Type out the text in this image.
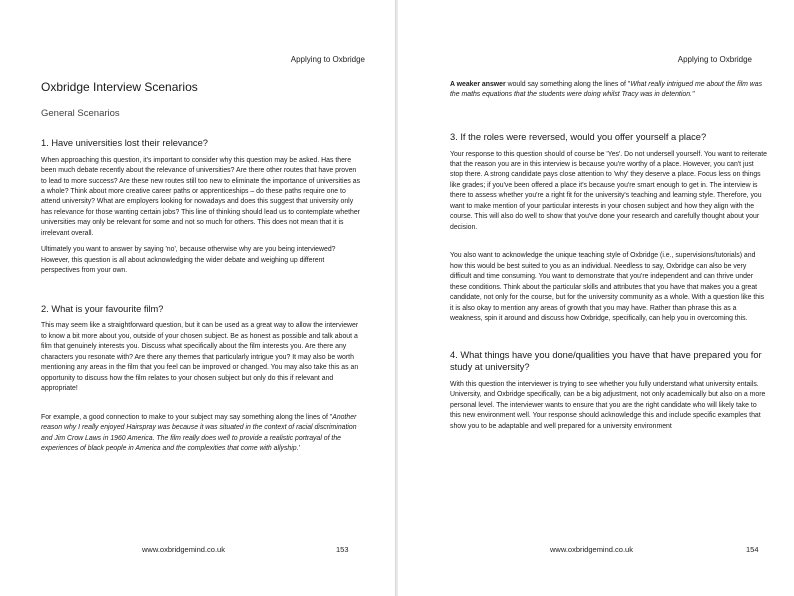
Applying to Oxbridge
Oxbridge Interview Scenarios
General Scenarios
1. Have universities lost their relevance?

When approaching this question, it's important to consider why this question may be asked. Has there been much debate recently about the relevance of universities? Are there other routes that have proven to lead to more success? Are these new routes still too new to eliminate the importance of universities as a whole? Think about more creative career paths or apprenticeships – do these paths require one to attend university? What are employers looking for nowadays and does this suggest that university only has relevance for those wanting certain jobs? This line of thinking should lead us to contemplate whether universities may only be relevant for some and not so much for others. This does not mean that it is irrelevant overall.

Ultimately you want to answer by saying 'no', because otherwise why are you being interviewed? However, this question is all about acknowledging the wider debate and weighing up different perspectives from your own.

2. What is your favourite film?

This may seem like a straightforward question, but it can be used as a great way to allow the interviewer to know a bit more about you, outside of your chosen subject. Be as honest as possible and talk about a film that genuinely interests you. Discuss what specifically about the film interests you. Are there any characters you resonate with? Are there any themes that particularly intrigue you? It may also be worth mentioning any areas in the film that you feel can be improved or changed. You may also take this as an opportunity to discuss how the film relates to your chosen subject but only do this if relevant and appropriate!

For example, a good connection to make to your subject may say something along the lines of "Another reason why I really enjoyed Hairspray was because it was situated in the context of racial discrimination and Jim Crow Laws in 1960 America. The film really does well to provide a realistic portrayal of the experiences of black people in America and the complexities that come with allyship.'

www.oxbridgemind.co.uk	153
Applying to Oxbridge

A weaker answer would say something along the lines of "What really intrigued me about the film was the maths equations that the students were doing whilst Tracy was in detention."

3. If the roles were reversed, would you offer yourself a place?

Your response to this question should of course be 'Yes'. Do not undersell yourself. You want to reiterate that the reason you are in this interview is because you're worthy of a place. However, you can't just stop there. A strong candidate pays close attention to 'why' they deserve a place. Focus less on things like grades; if you've been offered a place it's because you're smart enough to get in. The interview is there to assess whether you're a right fit for the university's teaching and learning style. Therefore, you want to make mention of your particular interests in your chosen subject and how they align with the course. This will also do well to show that you've done your research and carefully thought about your decision.

You also want to acknowledge the unique teaching style of Oxbridge (i.e., supervisions/tutorials) and how this would be best suited to you as an individual. Needless to say, Oxbridge can also be very difficult and time consuming. You want to demonstrate that you're independent and can thrive under these conditions. Think about the particular skills and attributes that you have that makes you a great candidate, not only for the course, but for the university community as a whole. With a question like this it is also okay to mention any areas of growth that you may have. Rather than phrase this as a weakness, spin it around and discuss how Oxbridge, specifically, can help you in overcoming this.

4. What things have you done/qualities you have that have prepared you for study at university?

With this question the interviewer is trying to see whether you fully understand what university entails. University, and Oxbridge specifically, can be a big adjustment, not only academically but also on a more personal level. The interviewer wants to ensure that you are the right candidate who will likely take to this new environment well. Your response should acknowledge this and include specific examples that show you to be adaptable and well prepared for a university environment

www.oxbridgemind.co.uk	154
